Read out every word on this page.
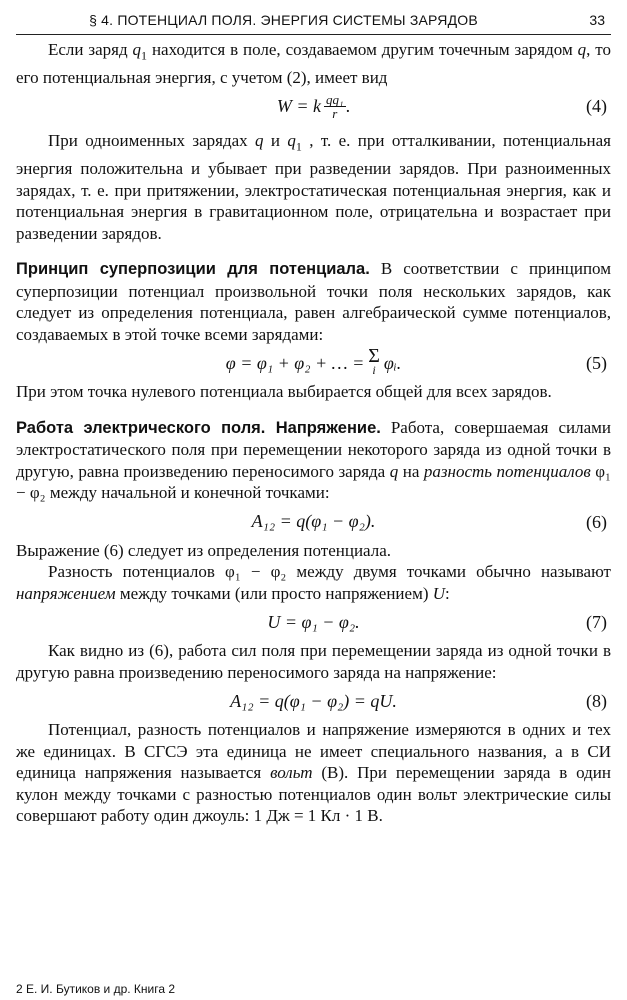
§ 4. ПОТЕНЦИАЛ ПОЛЯ. ЭНЕРГИЯ СИСТЕМЫ ЗАРЯДОВ	33

Если заряд $q_1$ находится в поле, создаваемом другим точечным зарядом q, то его потенциальная энергия, с учетом (2), имеет вид

W = k $\frac{\text{qq₁}}{r}$ .	(4)

При одноименных зарядах q и $q_1$ , т. е. при отталкивании, потенциальная энергия положительна и убывает при разведении зарядов. При разноименных зарядах, т. е. при притяжении, электростатическая потенциальная энергия, как и потенциальная энергия в гравитационном поле, отрицательна и возрастает при разведении зарядов.

Принцип суперпозиции для потенциала. В соответствии с принципом суперпозиции потенциал произвольной точки поля нескольких зарядов, как следует из определения потенциала, равен алгебраической сумме потенциалов, создаваемых в этой точке всеми зарядами:

φ = φ₁ + φ₂ + … = Σ
i φᵢ.	(5)

При этом точка нулевого потенциала выбирается общей для всех зарядов.

Работа электрического поля. Напряжение. Работа, совершаемая силами электростатического поля при перемещении некоторого заряда из одной точки в другую, равна произведению переносимого заряда q на разность потенциалов φ₁ − φ₂ между начальной и конечной точками:

A₁₂ = q(φ₁ − φ₂).	(6)

Выражение (6) следует из определения потенциала.

Разность потенциалов φ₁ − φ₂ между двумя точками обычно называют напряжением между точками (или просто напряжением) U:

U = φ₁ − φ₂.	(7)

Как видно из (6), работа сил поля при перемещении заряда из одной точки в другую равна произведению переносимого заряда на напряжение:

A₁₂ = q(φ₁ − φ₂) = qU.	(8)

Потенциал, разность потенциалов и напряжение измеряются в одних и тех же единицах. В СГСЭ эта единица не имеет специального названия, а в СИ единица напряжения называется вольт (В). При перемещении заряда в один кулон между точками с разностью потенциалов один вольт электрические силы совершают работу один джоуль: 1 Дж = 1 Кл · 1 В.

2 Е. И. Бутиков и др. Книга 2
